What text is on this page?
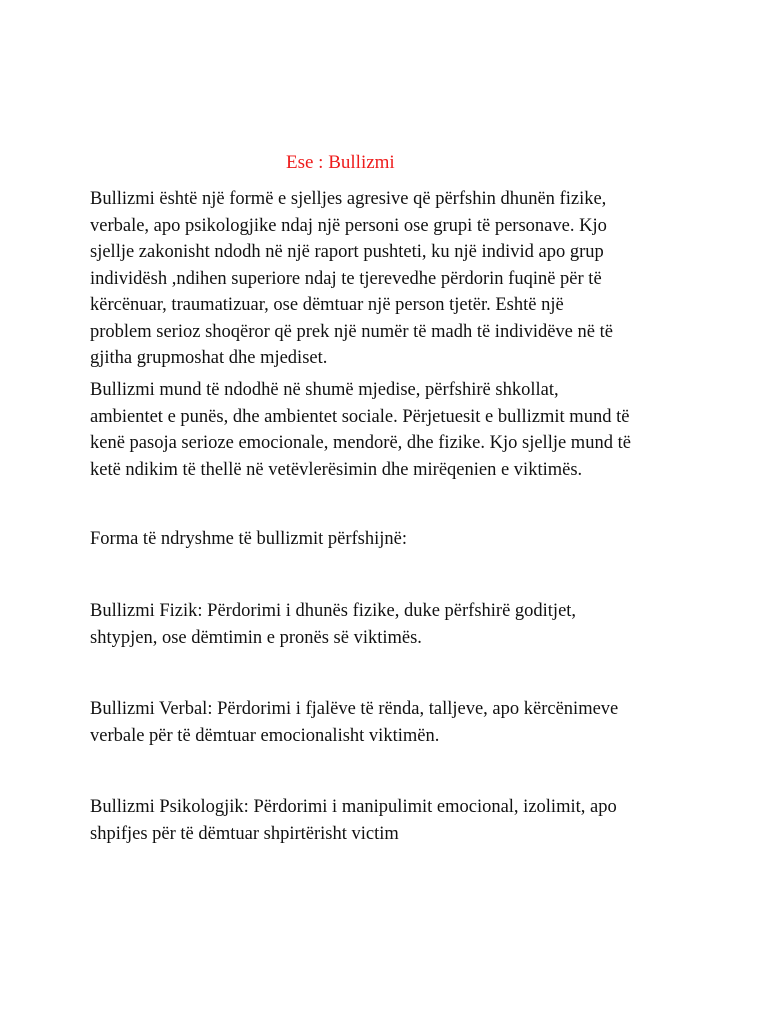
Ese : Bullizmi

Bullizmi është një formë e sjelljes agresive që përfshin dhunën fizike,
verbale, apo psikologjike ndaj një personi ose grupi të personave. Kjo
sjellje zakonisht ndodh në një raport pushteti, ku një individ apo grup
individësh ,ndihen superiore ndaj te tjerevedhe përdorin fuqinë për të
kërcënuar, traumatizuar, ose dëmtuar një person tjetër. Eshtë një
problem serioz shoqëror që prek një numër të madh të individëve në të
gjitha grupmoshat dhe mjediset.

Bullizmi mund të ndodhë në shumë mjedise, përfshirë shkollat,
ambientet e punës, dhe ambientet sociale. Përjetuesit e bullizmit mund të
kenë pasoja serioze emocionale, mendorë, dhe fizike. Kjo sjellje mund të
ketë ndikim të thellë në vetëvlerësimin dhe mirëqenien e viktimës.

Forma të ndryshme të bullizmit përfshijnë:

Bullizmi Fizik: Përdorimi i dhunës fizike, duke përfshirë goditjet,
shtypjen, ose dëmtimin e pronës së viktimës.

Bullizmi Verbal: Përdorimi i fjalëve të rënda, talljeve, apo kërcënimeve
verbale për të dëmtuar emocionalisht viktimën.

Bullizmi Psikologjik: Përdorimi i manipulimit emocional, izolimit, apo
shpifjes për të dëmtuar shpirtërisht victim
